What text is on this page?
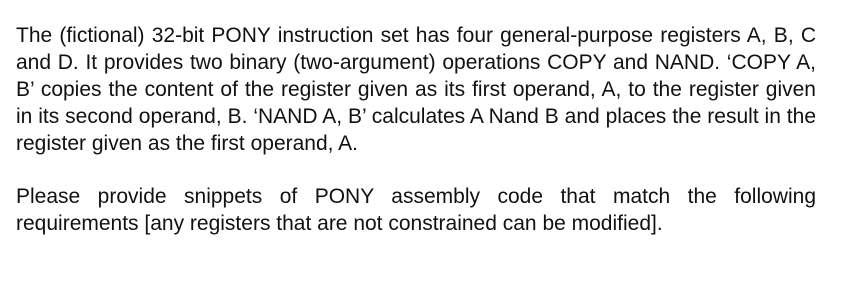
The (fictional) 32-bit PONY instruction set has four general-purpose registers A, B, C and D. It provides two binary (two-argument) operations COPY and NAND. ‘COPY A, B’ copies the content of the register given as its first operand, A, to the register given in its second operand, B. ‘NAND A, B’ calculates A Nand B and places the result in the register given as the first operand, A.

Please provide snippets of PONY assembly code that match the following requirements [any registers that are not constrained can be modified].
